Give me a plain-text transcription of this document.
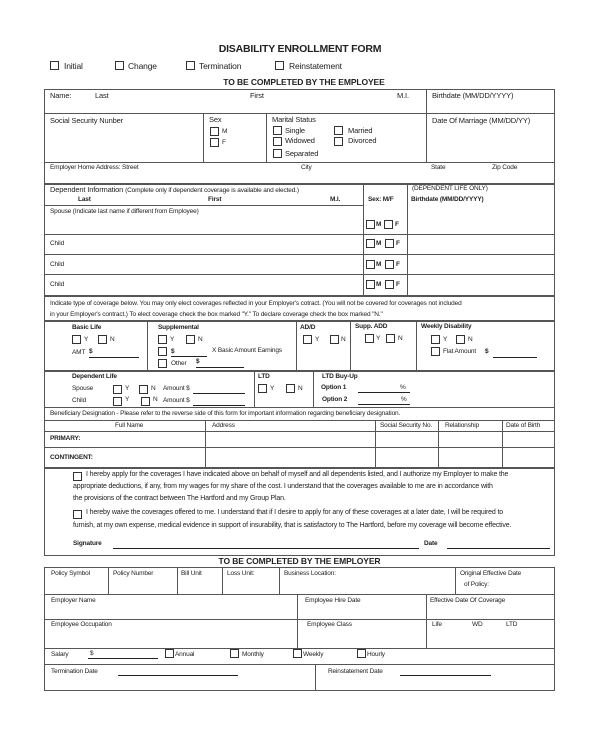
DISABILITY ENROLLMENT FORM
Initial	Change	Termination	Reinstatement
TO BE COMPLETED BY THE EMPLOYEE
Name:	Last	First	M.I.	Birthdate (MM/DD/YYYY)
Social Security Nunber	Sex
M
F
Marital Status
Single
Widowed
Separated
Married
Divorced
Date Of Marriage (MM/DD/YY)
Employer Home Address: Street	City	State	Zip Code
Dependent Information (Complete only if dependent coverage is available and elected.)
Last	First	M.I.	Sex: M/F
(DEPENDENT LIFE ONLY)
Birthdate (MM/DD/YYYY)
Spouse (Indicate last name if different from Employee)
M F
Child	M F
Child	M F
Child	M F
Indicate type of coverage below. You may only elect coverages reflected in your Employer's cotract. (You will not be covered for coverages not included
in your Employer's contract.) To elect coverage check the box marked "Y." To declare coverage check the box marked "N."
Basic Life
Y	N
AMT $
Supplemental
Y	N
$	X Basic Amount Earnings
Other $
AD/D
Y	N
Supp. ADD
Y	N
Weekly Disability
Y	N
Flat Amount $
Dependent Life
Spouse	Y	N Amount $
Child	Y	N Amount $
LTD
Y	N
LTD Buy-Up
Option 1	%
Option 2	%
Beneficiary Designation - Please refer to the reverse side of this form for important information regarding beneficiary designation.
Full Name	Address	Social Security No. Relationship	Date of Birth
PRIMARY:
CONTINGENT:
I hereby apply for the coverages I have indicated above on behalf of myself and all dependents listed, and I authorize my Employer to make the
appropriate deductions, if any, from my wages for my share of the cost. I understand that the coverages available to me are in accordance with
the provisions of the contract between The Hartford and my Group Plan.
I hereby waive the coverages offered to me. I understand that if I desire to apply for any of these coverages at a later date, I will be required to
furnish, at my own expense, medical evidence in support of insurability, that is satisfactory to The Hartford, before my coverage will become effective.
Signature	Date
TO BE COMPLETED BY THE EMPLOYER
Policy Symbol	Policy Number	Bill Unit	Loss Unit:	Business Location:	Original Effective Date
of Policy:
Employer Name	Employee Hire Date	Effective Date Of Coverage
Employee Occupation	Employee Class	Life	WD	LTD
Salary	$	Annual	Monthly	Weekly	Hourly
Termination Date	Reinstatement Date
